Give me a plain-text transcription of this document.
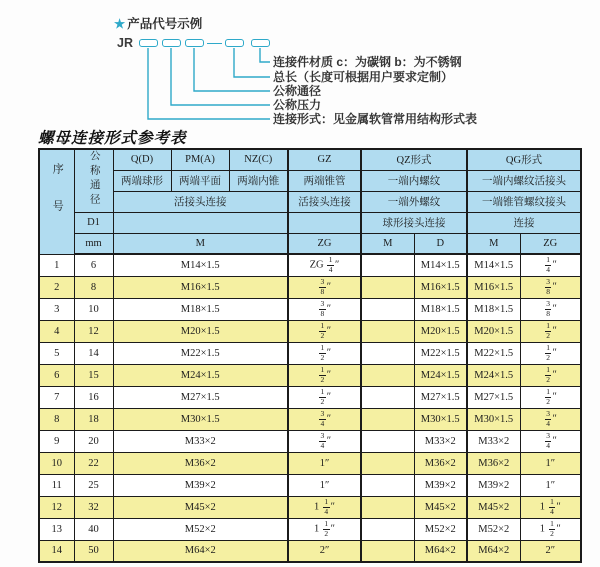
★ 产品代号示例
JR
连接件材质 c：为碳钢 b：为不锈钢
总长（长度可根据用户要求定制）
公称通径
公称压力
连接形式：见金属软管常用结构形式表
螺母连接形式参考表
序号	公称通径	Q(D)	PM(A)	NZ(C)	GZ	QZ形式		QG形式	
		两端球形	两端平面	两端内锥	两端锥管	一端内螺纹		一端内螺纹活接头	
		活接头连接			活接头连接	一端外螺纹		一端锥管螺纹接头	
	D1					球形接头连接		连接	
	mm	M			ZG	M	D	M	ZG
1	6	M14×1.5			ZG $\frac{1}{4}$ ″		M14×1.5	M14×1.5	$\frac{1}{4}$ ″
2	8	M16×1.5			$\frac{3}{8}$ ″		M16×1.5	M16×1.5	$\frac{3}{8}$ ″
3	10	M18×1.5			$\frac{3}{8}$ ″		M18×1.5	M18×1.5	$\frac{3}{8}$ ″
4	12	M20×1.5			$\frac{1}{2}$ ″		M20×1.5	M20×1.5	$\frac{1}{2}$ ″
5	14	M22×1.5			$\frac{1}{2}$ ″		M22×1.5	M22×1.5	$\frac{1}{2}$ ″
6	15	M24×1.5			$\frac{1}{2}$ ″		M24×1.5	M24×1.5	$\frac{1}{2}$ ″
7	16	M27×1.5			$\frac{1}{2}$ ″		M27×1.5	M27×1.5	$\frac{1}{2}$ ″
8	18	M30×1.5			$\frac{3}{4}$ ″		M30×1.5	M30×1.5	$\frac{3}{4}$ ″
9	20	M33×2			$\frac{3}{4}$ ″		M33×2	M33×2	$\frac{3}{4}$ ″
10	22	M36×2			1″		M36×2	M36×2	1″
11	25	M39×2			1″		M39×2	M39×2	1″
12	32	M45×2			$1 \frac{1}{4}$ ″		M45×2	M45×2	$1 \frac{1}{4}$ ″
13	40	M52×2			$1 \frac{1}{2}$ ″		M52×2	M52×2	$1 \frac{1}{2}$ ″
14	50	M64×2			2″		M64×2	M64×2	2″
